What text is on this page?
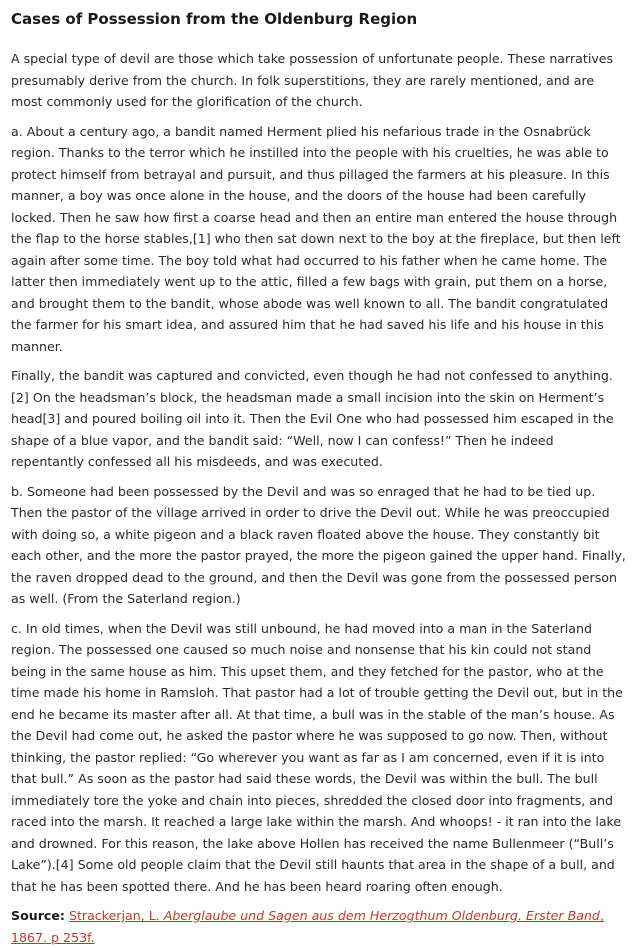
Cases of Possession from the Oldenburg Region

A special type of devil are those which take possession of unfortunate people. These narratives presumably derive from the church. In folk superstitions, they are rarely mentioned, and are most commonly used for the glorification of the church.

a. About a century ago, a bandit named Herment plied his nefarious trade in the Osnabrück region. Thanks to the terror which he instilled into the people with his cruelties, he was able to protect himself from betrayal and pursuit, and thus pillaged the farmers at his pleasure. In this manner, a boy was once alone in the house, and the doors of the house had been carefully locked. Then he saw how first a coarse head and then an entire man entered the house through the flap to the horse stables,[1] who then sat down next to the boy at the fireplace, but then left again after some time. The boy told what had occurred to his father when he came home. The latter then immediately went up to the attic, filled a few bags with grain, put them on a horse, and brought them to the bandit, whose abode was well known to all. The bandit congratulated the farmer for his smart idea, and assured him that he had saved his life and his house in this manner.

Finally, the bandit was captured and convicted, even though he had not confessed to anything.[2] On the headsman’s block, the headsman made a small incision into the skin on Herment’s head[3] and poured boiling oil into it. Then the Evil One who had possessed him escaped in the shape of a blue vapor, and the bandit said: “Well, now I can confess!” Then he indeed repentantly confessed all his misdeeds, and was executed.

b. Someone had been possessed by the Devil and was so enraged that he had to be tied up. Then the pastor of the village arrived in order to drive the Devil out. While he was preoccupied with doing so, a white pigeon and a black raven floated above the house. They constantly bit each other, and the more the pastor prayed, the more the pigeon gained the upper hand. Finally, the raven dropped dead to the ground, and then the Devil was gone from the possessed person as well. (From the Saterland region.)

c. In old times, when the Devil was still unbound, he had moved into a man in the Saterland region. The possessed one caused so much noise and nonsense that his kin could not stand being in the same house as him. This upset them, and they fetched for the pastor, who at the time made his home in Ramsloh. That pastor had a lot of trouble getting the Devil out, but in the end he became its master after all. At that time, a bull was in the stable of the man’s house. As the Devil had come out, he asked the pastor where he was supposed to go now. Then, without thinking, the pastor replied: “Go wherever you want as far as I am concerned, even if it is into that bull.” As soon as the pastor had said these words, the Devil was within the bull. The bull immediately tore the yoke and chain into pieces, shredded the closed door into fragments, and raced into the marsh. It reached a large lake within the marsh. And whoops! - it ran into the lake and drowned. For this reason, the lake above Hollen has received the name Bullenmeer (“Bull’s Lake”).[4] Some old people claim that the Devil still haunts that area in the shape of a bull, and that he has been spotted there. And he has been heard roaring often enough.

Source: Strackerjan, L. Aberglaube und Sagen aus dem Herzogthum Oldenburg. Erster Band, 1867. p 253f.
